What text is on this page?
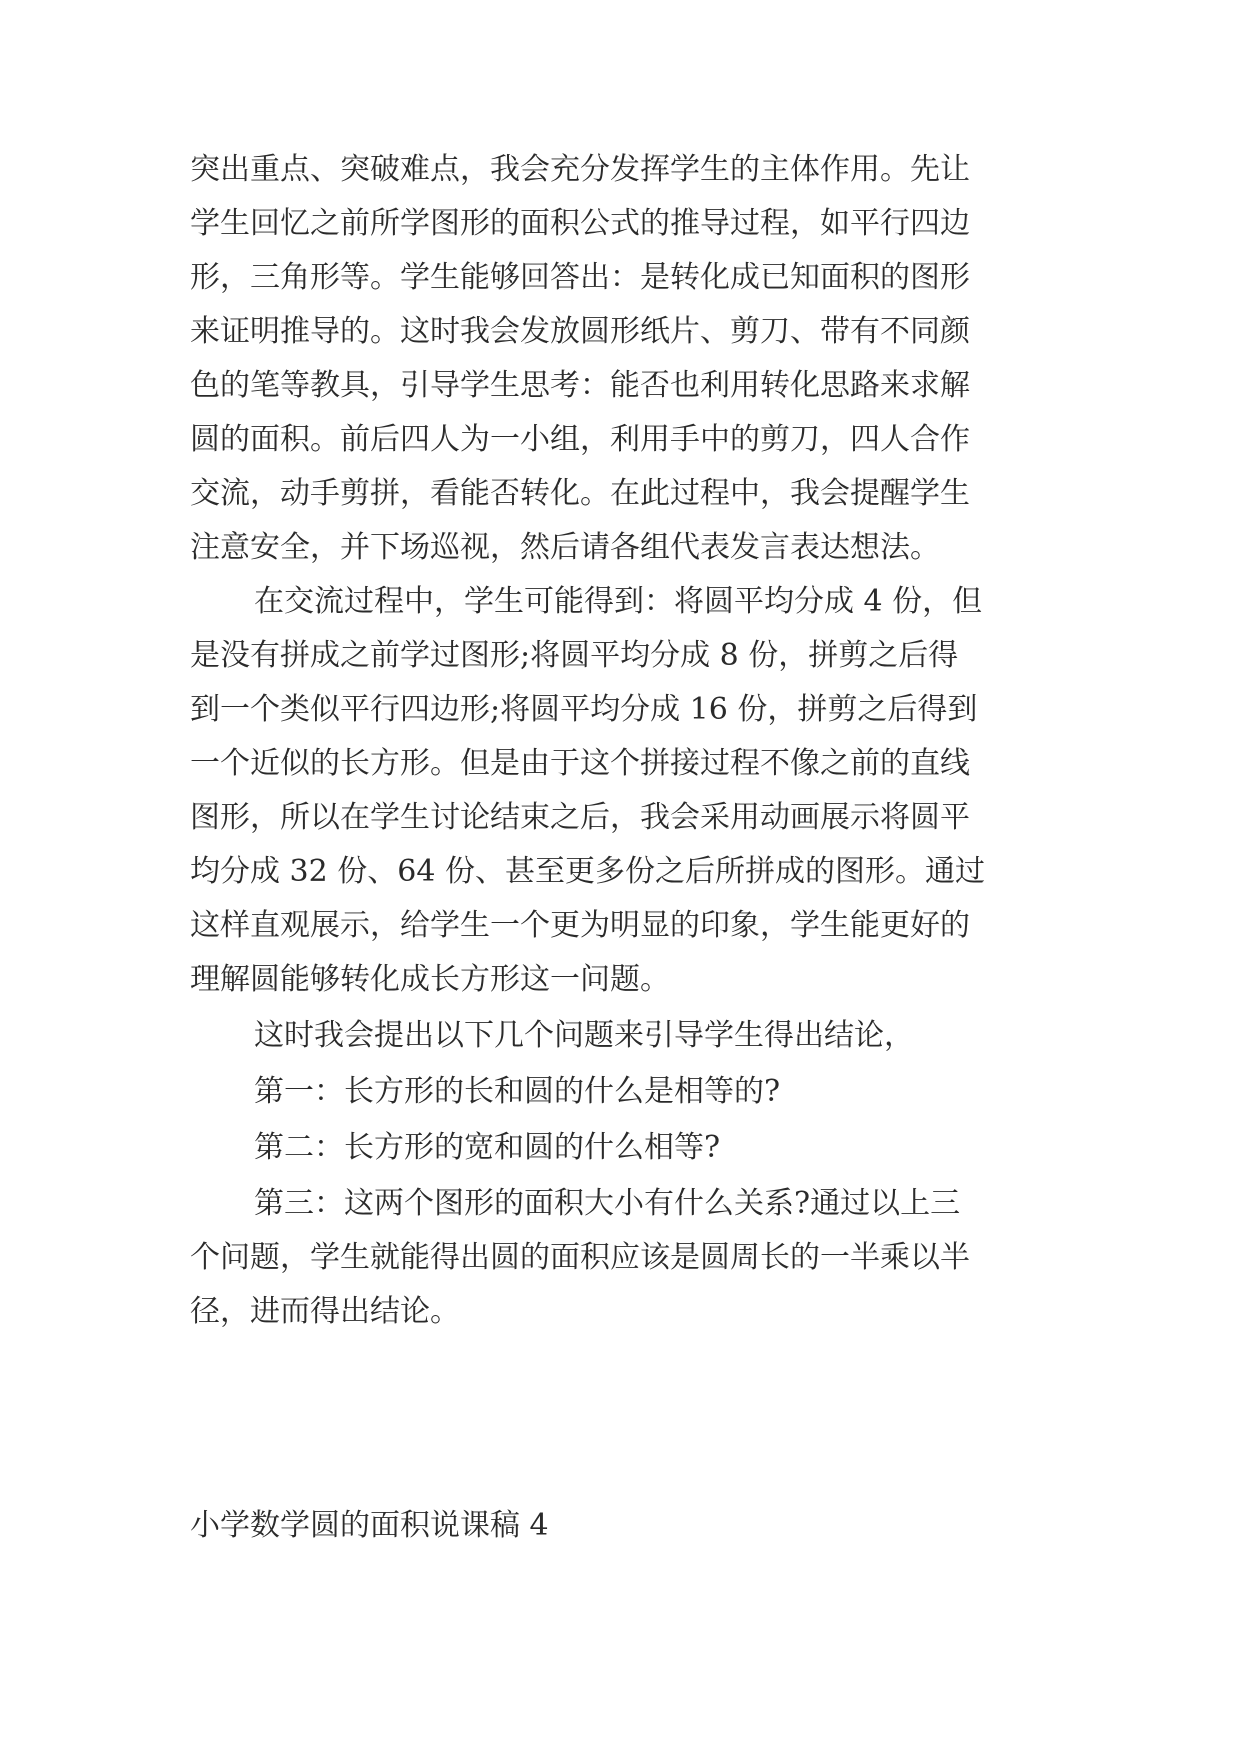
突出重点、突破难点，我会充分发挥学生的主体作用。先让
学生回忆之前所学图形的面积公式的推导过程，如平行四边
形，三角形等。学生能够回答出：是转化成已知面积的图形
来证明推导的。这时我会发放圆形纸片、剪刀、带有不同颜
色的笔等教具，引导学生思考：能否也利用转化思路来求解
圆的面积。前后四人为一小组，利用手中的剪刀，四人合作
交流，动手剪拼，看能否转化。在此过程中，我会提醒学生
注意安全，并下场巡视，然后请各组代表发言表达想法。
在交流过程中，学生可能得到：将圆平均分成 4 份，但
是没有拼成之前学过图形;将圆平均分成 8 份，拼剪之后得
到一个类似平行四边形;将圆平均分成 16 份，拼剪之后得到
一个近似的长方形。但是由于这个拼接过程不像之前的直线
图形，所以在学生讨论结束之后，我会采用动画展示将圆平
均分成 32 份、64 份、甚至更多份之后所拼成的图形。通过
这样直观展示，给学生一个更为明显的印象，学生能更好的
理解圆能够转化成长方形这一问题。
这时我会提出以下几个问题来引导学生得出结论，
第一：长方形的长和圆的什么是相等的?
第二：长方形的宽和圆的什么相等?
第三：这两个图形的面积大小有什么关系?通过以上三
个问题，学生就能得出圆的面积应该是圆周长的一半乘以半
径，进而得出结论。
小学数学圆的面积说课稿 4
